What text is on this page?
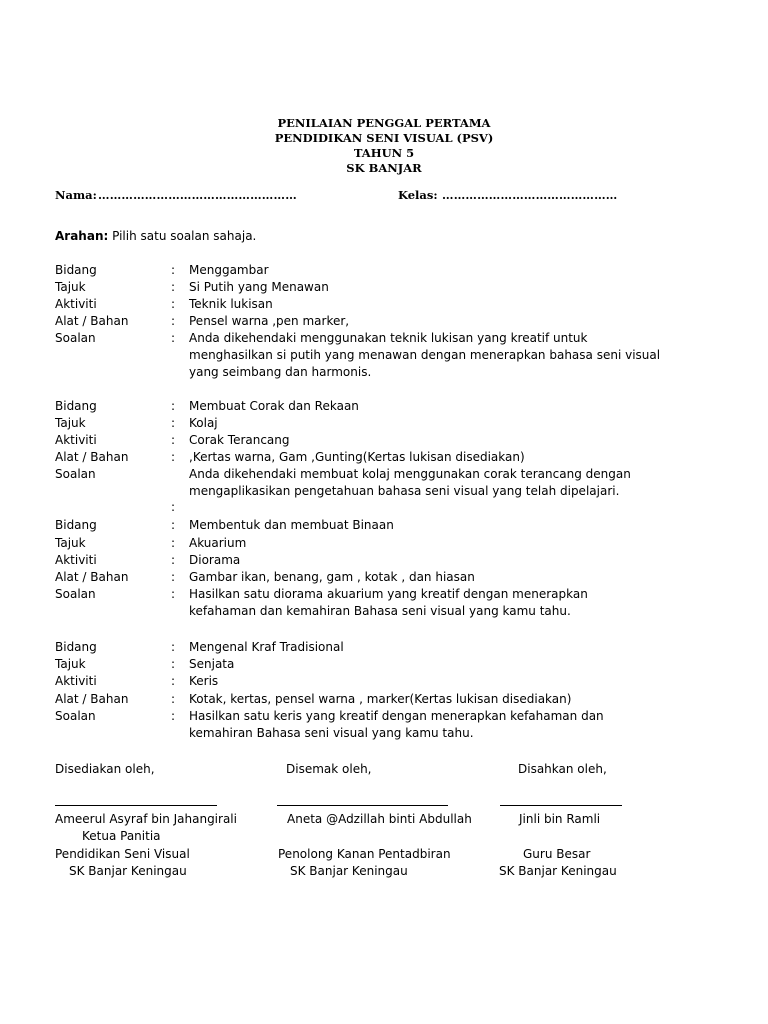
PENILAIAN PENGGAL PERTAMA
PENDIDIKAN SENI VISUAL (PSV)
TAHUN 5
SK BANJAR
Nama: ……………………………………………	Kelas: ………………………………………
Arahan: Pilih satu soalan sahaja.
Bidang	: Menggambar
Tajuk	: Si Putih yang Menawan
Aktiviti	: Teknik lukisan
Alat / Bahan	: Pensel warna ,pen marker,
Soalan	: Anda dikehendaki menggunakan teknik lukisan yang kreatif untuk
menghasilkan si putih yang menawan dengan menerapkan bahasa seni visual
yang seimbang dan harmonis.
Bidang	: Membuat Corak dan Rekaan
Tajuk	: Kolaj
Aktiviti	: Corak Terancang
Alat / Bahan	: ,Kertas warna, Gam ,Gunting(Kertas lukisan disediakan)
Soalan	Anda dikehendaki membuat kolaj menggunakan corak terancang dengan
mengaplikasikan pengetahuan bahasa seni visual yang telah dipelajari.
:
Bidang	: Membentuk dan membuat Binaan
Tajuk	: Akuarium
Aktiviti	: Diorama
Alat / Bahan	: Gambar ikan, benang, gam , kotak , dan hiasan
Soalan	: Hasilkan satu diorama akuarium yang kreatif dengan menerapkan
kefahaman dan kemahiran Bahasa seni visual yang kamu tahu.
Bidang	: Mengenal Kraf Tradisional
Tajuk	: Senjata
Aktiviti	: Keris
Alat / Bahan	: Kotak, kertas, pensel warna , marker(Kertas lukisan disediakan)
Soalan	: Hasilkan satu keris yang kreatif dengan menerapkan kefahaman dan
kemahiran Bahasa seni visual yang kamu tahu.
Disediakan oleh,
Ameerul Asyraf bin Jahangirali
Ketua Panitia
Pendidikan Seni Visual
SK Banjar Keningau
Disemak oleh,
Aneta @Adzillah binti Abdullah
Penolong Kanan Pentadbiran
SK Banjar Keningau
Disahkan oleh,
Jinli bin Ramli
Guru Besar
SK Banjar Keningau
